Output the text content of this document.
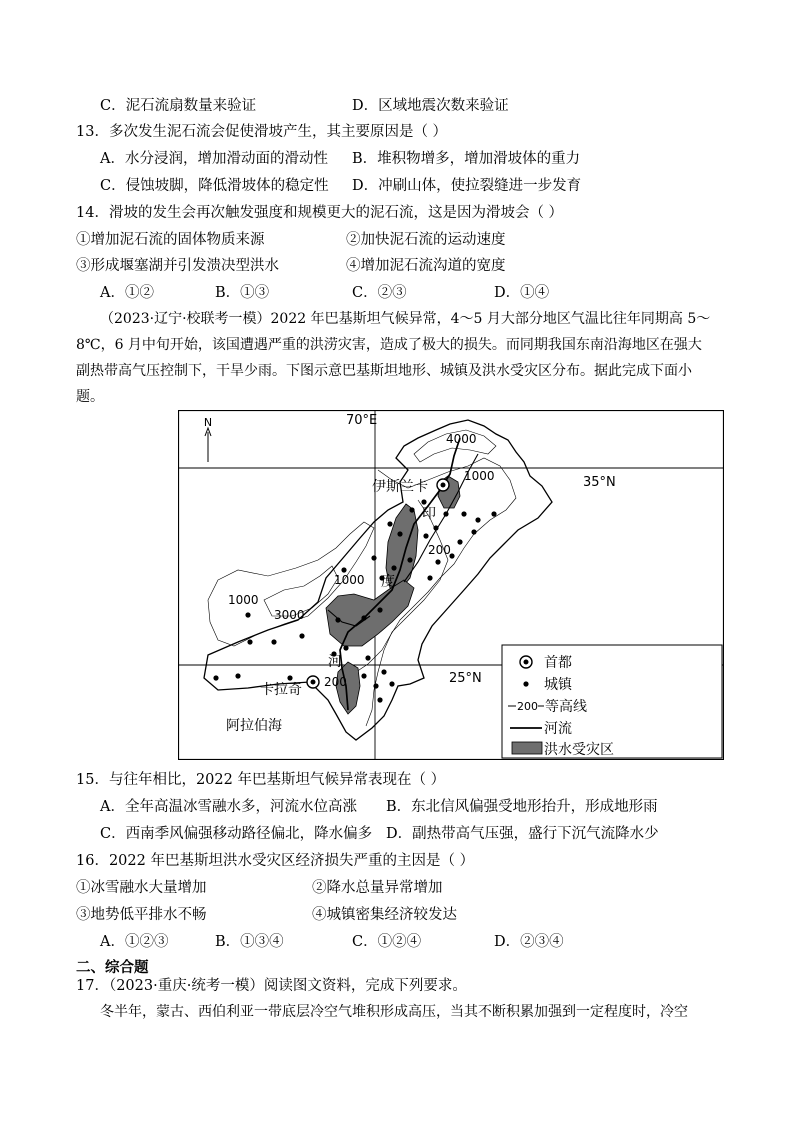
C．泥石流扇数量来验证	D．区域地震次数来验证
13．多次发生泥石流会促使滑坡产生，其主要原因是（ ）
A．水分浸润，增加滑动面的滑动性 B．堆积物增多，增加滑坡体的重力
C．侵蚀坡脚，降低滑坡体的稳定性 D．冲刷山体，使拉裂缝进一步发育
14．滑坡的发生会再次触发强度和规模更大的泥石流，这是因为滑坡会（ ）
①增加泥石流的固体物质来源	②加快泥石流的运动速度
③形成堰塞湖并引发溃决型洪水	④增加泥石流沟道的宽度
A．①②	B．①③	C．②③	D．①④
（2023·辽宁·校联考一模）2022 年巴基斯坦气候异常，4～5 月大部分地区气温比往年同期高 5～
8℃，6 月中旬开始，该国遭遇严重的洪涝灾害，造成了极大的损失。而同期我国东南沿海地区在强大
副热带高气压控制下，干旱少雨。下图示意巴基斯坦地形、城镇及洪水受灾区分布。据此完成下面小
题。
N	70°E
35°N
25°N
4000
1000
200
1000
1000
3000
200
伊斯兰卡
卡拉奇
阿拉伯海
印
度
河	首都
城镇
200 等高线
河流
洪水受灾区
15．与往年相比，2022 年巴基斯坦气候异常表现在（ ）
A．全年高温冰雪融水多，河流水位高涨 B．东北信风偏强受地形抬升，形成地形雨
C．西南季风偏强移动路径偏北，降水偏多 D．副热带高气压强，盛行下沉气流降水少
16．2022 年巴基斯坦洪水受灾区经济损失严重的主因是（ ）
①冰雪融水大量增加	②降水总量异常增加
③地势低平排水不畅	④城镇密集经济较发达
A．①②③	B．①③④	C．①②④	D．②③④
二、综合题
17．（2023·重庆·统考一模）阅读图文资料，完成下列要求。
冬半年，蒙古、西伯利亚一带底层冷空气堆积形成高压，当其不断积累加强到一定程度时，冷空
